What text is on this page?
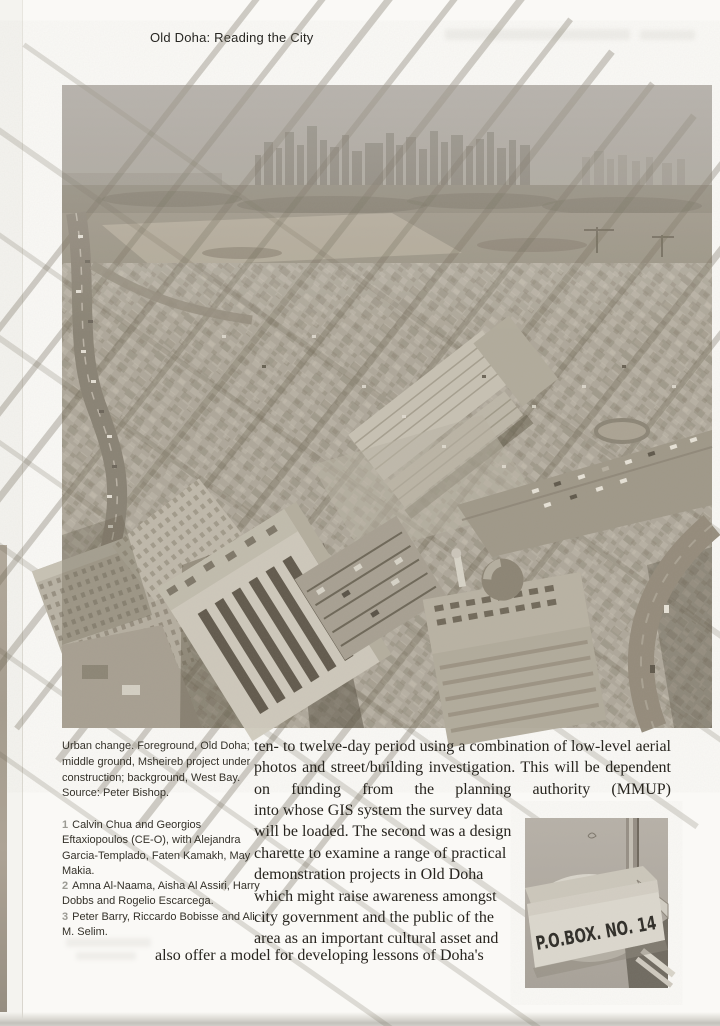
Old Doha: Reading the City
Urban change. Foreground, Old Doha; middle ground, Msheireb project under construction; background, West Bay. Source: Peter Bishop.

1 Calvin Chua and Georgios Eftaxiopoulos (CE-O), with Alejandra Garcia-Templado, Faten Kamakh, May Makia.

2 Amna Al-Naama, Aisha Al Assiri, Harry Dobbs and Rogelio Escarcega.

3 Peter Barry, Riccardo Bobisse and Ali M. Selim.

ten- to twelve-day period using a combination of low-level aerial photos and street/building investigation. This will be dependent on funding from the planning authority (MMUP)
into whose GIS system the survey data will be loaded. The second was a design charette to examine a range of practical demonstration projects in Old Doha which might raise awareness amongst city government and the public of the area as an important cultural asset and
also offer a model for developing lessons of Doha's
